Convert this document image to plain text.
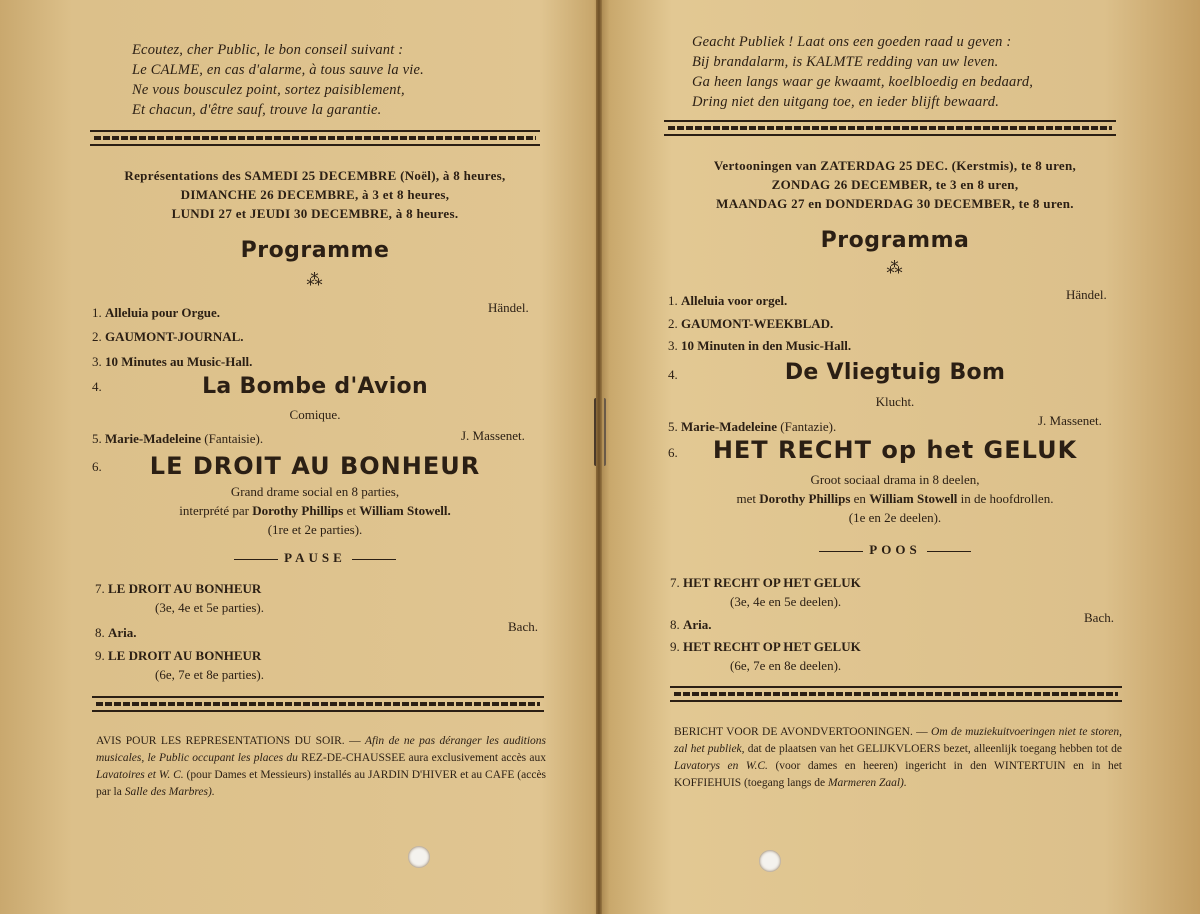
Ecoutez, cher Public, le bon conseil suivant :
Le CALME, en cas d'alarme, à tous sauve la vie.
Ne vous bousculez point, sortez paisiblement,
Et chacun, d'être sauf, trouve la garantie.
Représentations des SAMEDI 25 DECEMBRE (Noël), à 8 heures,
DIMANCHE 26 DECEMBRE, à 3 et 8 heures,
LUNDI 27 et JEUDI 30 DECEMBRE, à 8 heures.
Programme
⁂
1. Alleluia pour Orgue.	Händel.
2. GAUMONT-JOURNAL.
3. 10 Minutes au Music-Hall.
4.	La Bombe d'Avion
Comique.
5. Marie-Madeleine (Fantaisie).	J. Massenet.
6.	LE DROIT AU BONHEUR
Grand drame social en 8 parties,
interprété par Dorothy Phillips et William Stowell.
(1re et 2e parties).
PAUSE
7. LE DROIT AU BONHEUR
(3e, 4e et 5e parties).
8. Aria.	Bach.
9. LE DROIT AU BONHEUR
(6e, 7e et 8e parties).
AVIS POUR LES REPRESENTATIONS DU SOIR. — Afin de ne pas déranger les auditions musicales, le Public occupant les places du REZ-DE-CHAUSSEE aura exclusivement accès aux Lavatoires et W. C. (pour Dames et Messieurs) installés au JARDIN D'HIVER et au CAFE (accès par la Salle des Marbres).
Geacht Publiek ! Laat ons een goeden raad u geven :
Bij brandalarm, is KALMTE redding van uw leven.
Ga heen langs waar ge kwaamt, koelbloedig en bedaard,
Dring niet den uitgang toe, en ieder blijft bewaard.
Vertooningen van ZATERDAG 25 DEC. (Kerstmis), te 8 uren,
ZONDAG 26 DECEMBER, te 3 en 8 uren,
MAANDAG 27 en DONDERDAG 30 DECEMBER, te 8 uren.
Programma
⁂
1. Alleluia voor orgel.	Händel.
2. GAUMONT-WEEKBLAD.
3. 10 Minuten in den Music-Hall.
4.	De Vliegtuig Bom
Klucht.
5. Marie-Madeleine (Fantazie).	J. Massenet.
6.	HET RECHT op het GELUK
Groot sociaal drama in 8 deelen,
met Dorothy Phillips en William Stowell in de hoofdrollen.
(1e en 2e deelen).
POOS
7. HET RECHT OP HET GELUK
(3e, 4e en 5e deelen).
8. Aria.	Bach.
9. HET RECHT OP HET GELUK
(6e, 7e en 8e deelen).
BERICHT VOOR DE AVONDVERTOONINGEN. — Om de muziekuitvoeringen niet te storen, zal het publiek, dat de plaatsen van het GELIJKVLOERS bezet, alleenlijk toegang hebben tot de Lavatorys en W.C. (voor dames en heeren) ingericht in den WINTERTUIN en in het KOFFIEHUIS (toegang langs de Marmeren Zaal).
